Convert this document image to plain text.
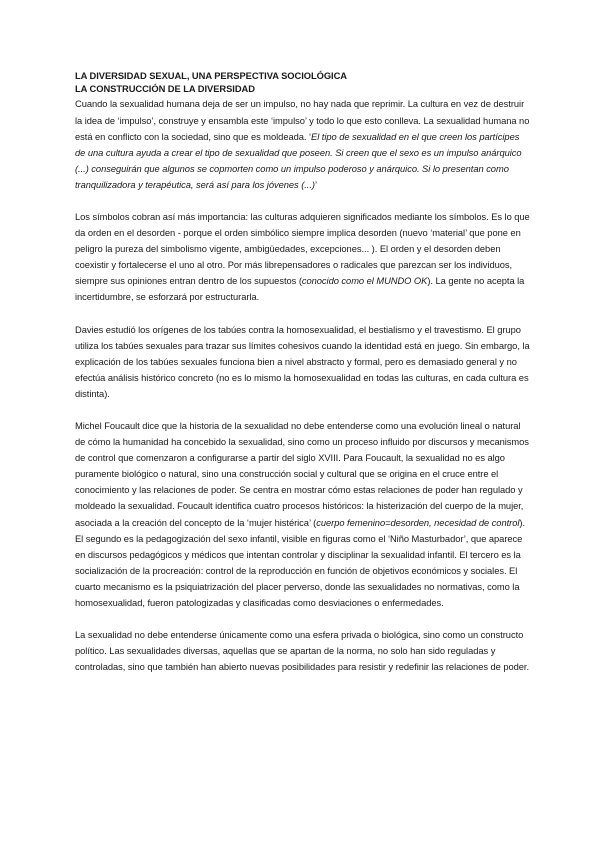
LA DIVERSIDAD SEXUAL, UNA PERSPECTIVA SOCIOLÓGICA
LA CONSTRUCCIÓN DE LA DIVERSIDAD

Cuando la sexualidad humana deja de ser un impulso, no hay nada que reprimir. La cultura en vez de destruir la idea de ‘impulso’, construye y ensambla este ‘impulso’ y todo lo que esto conlleva. La sexualidad humana no está en conflicto con la sociedad, sino que es moldeada. ‘El tipo de sexualidad en el que creen los partícipes de una cultura ayuda a crear el tipo de sexualidad que poseen. Si creen que el sexo es un impulso anárquico (...) conseguirán que algunos se copmorten como un impulso poderoso y anárquico. Si lo presentan como tranquilizadora y terapéutica, será así para los jóvenes (...)’

Los símbolos cobran así más importancia: las culturas adquieren significados mediante los símbolos. Es lo que da orden en el desorden - porque el orden simbólico siempre implica desorden (nuevo ‘material’ que pone en peligro la pureza del simbolismo vigente, ambigüedades, excepciones... ). El orden y el desorden deben coexistir y fortalecerse el uno al otro. Por más librepensadores o radicales que parezcan ser los individuos, siempre sus opiniones entran dentro de los supuestos (conocido como el MUNDO OK). La gente no acepta la incertidumbre, se esforzará por estructurarla.

Davies estudió los orígenes de los tabúes contra la homosexualidad, el bestialismo y el travestismo. El grupo utiliza los tabúes sexuales para trazar sus límites cohesivos cuando la identidad está en juego. Sin embargo, la explicación de los tabúes sexuales funciona bien a nivel abstracto y formal, pero es demasiado general y no efectúa análisis histórico concreto (no es lo mismo la homosexualidad en todas las culturas, en cada cultura es distinta).

Michel Foucault dice que la historia de la sexualidad no debe entenderse como una evolución lineal o natural de cómo la humanidad ha concebido la sexualidad, sino como un proceso influido por discursos y mecanismos de control que comenzaron a configurarse a partir del siglo XVIII. Para Foucault, la sexualidad no es algo puramente biológico o natural, sino una construcción social y cultural que se origina en el cruce entre el conocimiento y las relaciones de poder. Se centra en mostrar cómo estas relaciones de poder han regulado y moldeado la sexualidad. Foucault identifica cuatro procesos históricos: la histerización del cuerpo de la mujer, asociada a la creación del concepto de la ‘mujer histérica’ (cuerpo femenino=desorden, necesidad de control). El segundo es la pedagogización del sexo infantil, visible en figuras como el ‘Niño Masturbador’, que aparece en discursos pedagógicos y médicos que intentan controlar y disciplinar la sexualidad infantil. El tercero es la socialización de la procreación: control de la reproducción en función de objetivos económicos y sociales. El cuarto mecanismo es la psiquiatrización del placer perverso, donde las sexualidades no normativas, como la homosexualidad, fueron patologizadas y clasificadas como desviaciones o enfermedades.

La sexualidad no debe entenderse únicamente como una esfera privada o biológica, sino como un constructo político. Las sexualidades diversas, aquellas que se apartan de la norma, no solo han sido reguladas y controladas, sino que también han abierto nuevas posibilidades para resistir y redefinir las relaciones de poder.
